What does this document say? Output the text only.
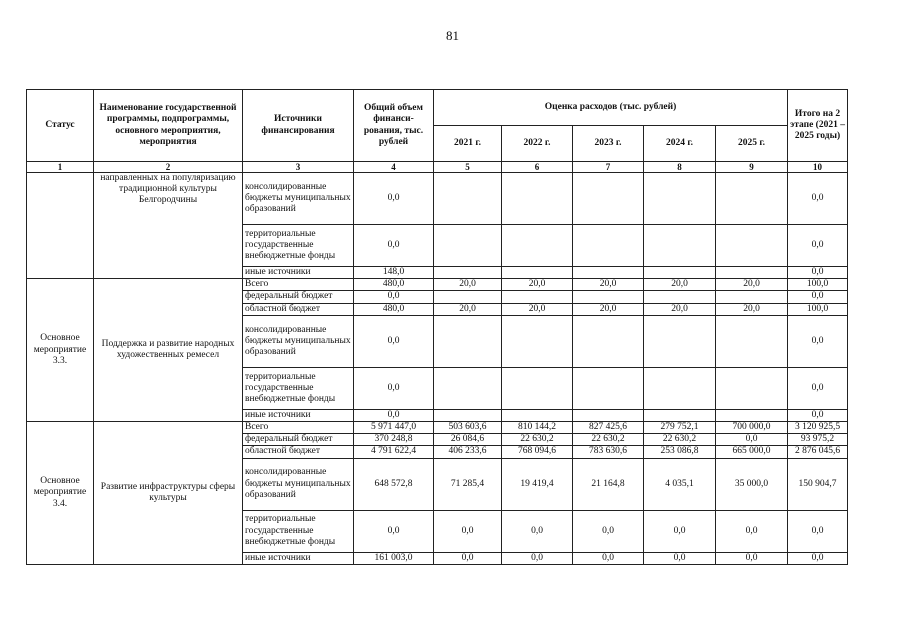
81
Статус	Наименование государственной программы, подпрограммы, основного мероприятия, мероприятия	Источники финансирования	Общий объем финанси-рования, тыс. рублей	Оценка расходов (тыс. рублей)					Итого на 2 этапе (2021 – 2025 годы)
				2021 г.	2022 г.	2023 г.	2024 г.	2025 г.	
1	2	3	4	5	6	7	8	9	10
	направленных на популяризацию традиционной культуры Белгородчины	консолидированные бюджеты муниципальных образований	0,0						0,0
		территориальные государственные внебюджетные фонды	0,0						0,0
		иные источники	148,0						0,0
Основное мероприятие 3.3.	Поддержка и развитие народных художественных ремесел	Всего	480,0	20,0	20,0	20,0	20,0	20,0	100,0
		федеральный бюджет	0,0						0,0
		областной бюджет	480,0	20,0	20,0	20,0	20,0	20,0	100,0
		консолидированные бюджеты муниципальных образований	0,0						0,0
		территориальные государственные внебюджетные фонды	0,0						0,0
		иные источники	0,0						0,0
Основное мероприятие 3.4.	Развитие инфраструктуры сферы культуры	Всего	5 971 447,0	503 603,6	810 144,2	827 425,6	279 752,1	700 000,0	3 120 925,5
		федеральный бюджет	370 248,8	26 084,6	22 630,2	22 630,2	22 630,2	0,0	93 975,2
		областной бюджет	4 791 622,4	406 233,6	768 094,6	783 630,6	253 086,8	665 000,0	2 876 045,6
		консолидированные бюджеты муниципальных образований	648 572,8	71 285,4	19 419,4	21 164,8	4 035,1	35 000,0	150 904,7
		территориальные государственные внебюджетные фонды	0,0	0,0	0,0	0,0	0,0	0,0	0,0
		иные источники	161 003,0	0,0	0,0	0,0	0,0	0,0	0,0
